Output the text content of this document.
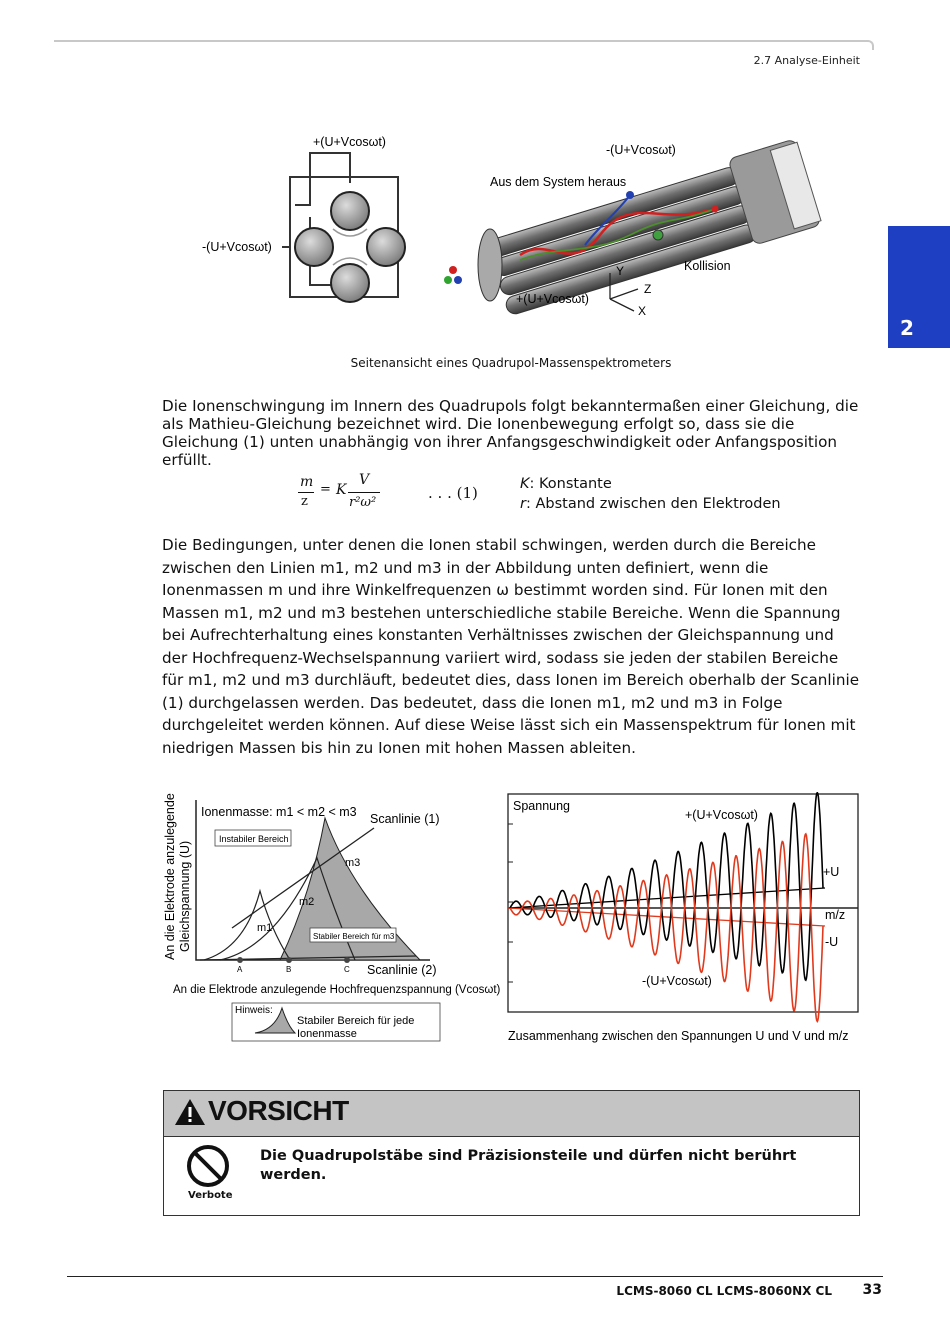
2.7 Analyse-Einheit
2
+(U+Vcosωt)
-(U+Vcosωt)
-(U+Vcosωt)
Aus dem System heraus
Kollision
+(U+Vcosωt)
Y
Z
X
Seitenansicht eines Quadrupol-Massenspektrometers

Die Ionenschwingung im Innern des Quadrupols folgt bekanntermaßen einer Gleichung, die als Mathieu-Gleichung bezeichnet wird. Die Ionenbewegung erfolgt so, dass sie die Gleichung (1) unten unabhängig von ihrer Anfangsgeschwindigkeit oder Anfangsposition erfüllt.

m
z
= K
V
r²ω²
. . . (1)	K: Konstante
r: Abstand zwischen den Elektroden

Die Bedingungen, unter denen die Ionen stabil schwingen, werden durch die Bereiche zwischen den Linien m1, m2 und m3 in der Abbildung unten definiert, wenn die Ionenmassen m und ihre Winkelfrequenzen ω bestimmt worden sind. Für Ionen mit den Massen m1, m2 und m3 bestehen unterschiedliche stabile Bereiche. Wenn die Spannung bei Aufrechterhaltung eines konstanten Verhältnisses zwischen der Gleichspannung und der Hochfrequenz-Wechselspannung variiert wird, sodass sie jeden der stabilen Bereiche für m1, m2 und m3 durchläuft, bedeutet dies, dass Ionen im Bereich oberhalb der Scanlinie (1) durchgelassen werden. Das bedeutet, dass die Ionen m1, m2 und m3 in Folge durchgeleitet werden können. Auf diese Weise lässt sich ein Massenspektrum für Ionen mit niedrigen Massen bis hin zu Ionen mit hohen Massen ableiten.

An die Elektrode anzulegende Gleichspannung (U)
Ionenmasse: m1 < m2 < m3 Scanlinie (1)
Instabiler Bereich
m3
m2
m1
Stabiler Bereich für m3
A	B	C Scanlinie (2)
An die Elektrode anzulegende Hochfrequenzspannung (Vcosωt)
Hinweis:
Stabiler Bereich für jede
Ionenmasse
Spannung
+(U+Vcosωt)
+U
m/z
-U
-(U+Vcosωt)
Zusammenhang zwischen den Spannungen U und V und m/z
VORSICHT
Verbote
Die Quadrupolstäbe sind Präzisionsteile und dürfen nicht berührt werden.
LCMS-8060 CL LCMS-8060NX CL 33
